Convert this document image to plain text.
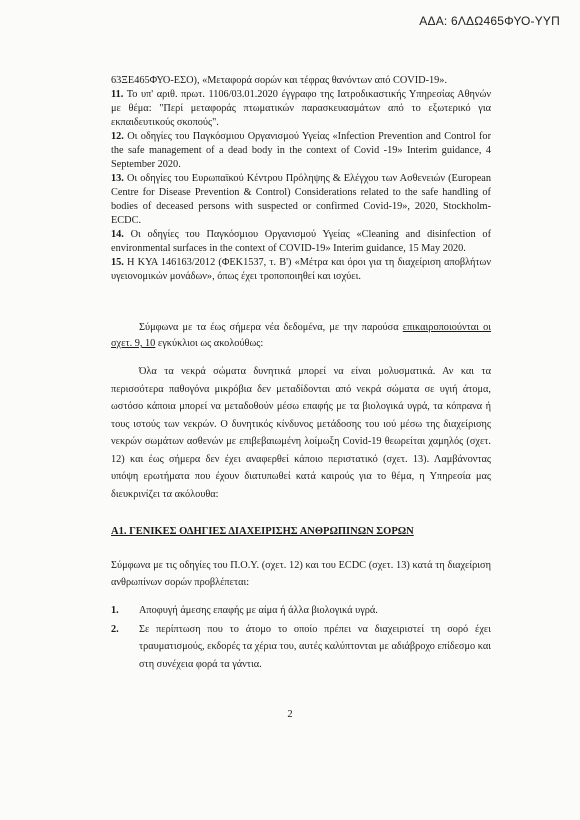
ΑΔΑ: 6ΛΔΩ465ΦΥΟ-ΥΥΠ

63ΞΕ465ΦΥΟ-ΕΣΟ), «Μεταφορά σορών και τέφρας θανόντων από COVID-19».

11. Το υπ' αριθ. πρωτ. 1106/03.01.2020 έγγραφο της Ιατροδικαστικής Υπηρεσίας Αθηνών με θέμα: "Περί μεταφοράς πτωματικών παρασκευασμάτων από το εξωτερικό για εκπαιδευτικούς σκοπούς".

12. Οι οδηγίες του Παγκόσμιου Οργανισμού Υγείας «Infection Prevention and Control for the safe management of a dead body in the context of Covid -19» Interim guidance, 4 September 2020.

13. Οι οδηγίες του Ευρωπαϊκού Κέντρου Πρόληψης & Ελέγχου των Ασθενειών (European Centre for Disease Prevention & Control) Considerations related to the safe handling of bodies of deceased persons with suspected or confirmed Covid-19», 2020, Stockholm-ECDC.

14. Οι οδηγίες του Παγκόσμιου Οργανισμού Υγείας «Cleaning and disinfection of environmental surfaces in the context of COVID-19» Interim guidance, 15 May 2020.

15. Η ΚΥΑ 146163/2012 (ΦΕΚ1537, τ. Β') «Μέτρα και όροι για τη διαχείριση αποβλήτων υγειονομικών μονάδων», όπως έχει τροποποιηθεί και ισχύει.

Σύμφωνα με τα έως σήμερα νέα δεδομένα, με την παρούσα επικαιροποιούνται οι σχετ. 9, 10 εγκύκλιοι ως ακολούθως:

Όλα τα νεκρά σώματα δυνητικά μπορεί να είναι μολυσματικά. Αν και τα περισσότερα παθογόνα μικρόβια δεν μεταδίδονται από νεκρά σώματα σε υγιή άτομα, ωστόσο κάποια μπορεί να μεταδοθούν μέσω επαφής με τα βιολογικά υγρά, τα κόπρανα ή τους ιστούς των νεκρών. Ο δυνητικός κίνδυνος μετάδοσης του ιού μέσω της διαχείρισης νεκρών σωμάτων ασθενών με επιβεβαιωμένη λοίμωξη Covid-19 θεωρείται χαμηλός (σχετ. 12) και έως σήμερα δεν έχει αναφερθεί κάποιο περιστατικό (σχετ. 13). Λαμβάνοντας υπόψη ερωτήματα που έχουν διατυπωθεί κατά καιρούς για το θέμα, η Υπηρεσία μας διευκρινίζει τα ακόλουθα:

Α1. ΓΕΝΙΚΕΣ ΟΔΗΓΙΕΣ ΔΙΑΧΕΙΡΙΣΗΣ ΑΝΘΡΩΠΙΝΩΝ ΣΟΡΩΝ

Σύμφωνα με τις οδηγίες του Π.Ο.Υ. (σχετ. 12) και του ECDC (σχετ. 13) κατά τη διαχείριση ανθρωπίνων σορών προβλέπεται:

1.	Αποφυγή άμεσης επαφής με αίμα ή άλλα βιολογικά υγρά.
2.	Σε περίπτωση που το άτομο το οποίο πρέπει να διαχειριστεί τη σορό έχει τραυματισμούς, εκδορές τα χέρια του, αυτές καλύπτονται με αδιάβροχο επίδεσμο και στη συνέχεια φορά τα γάντια.
2
